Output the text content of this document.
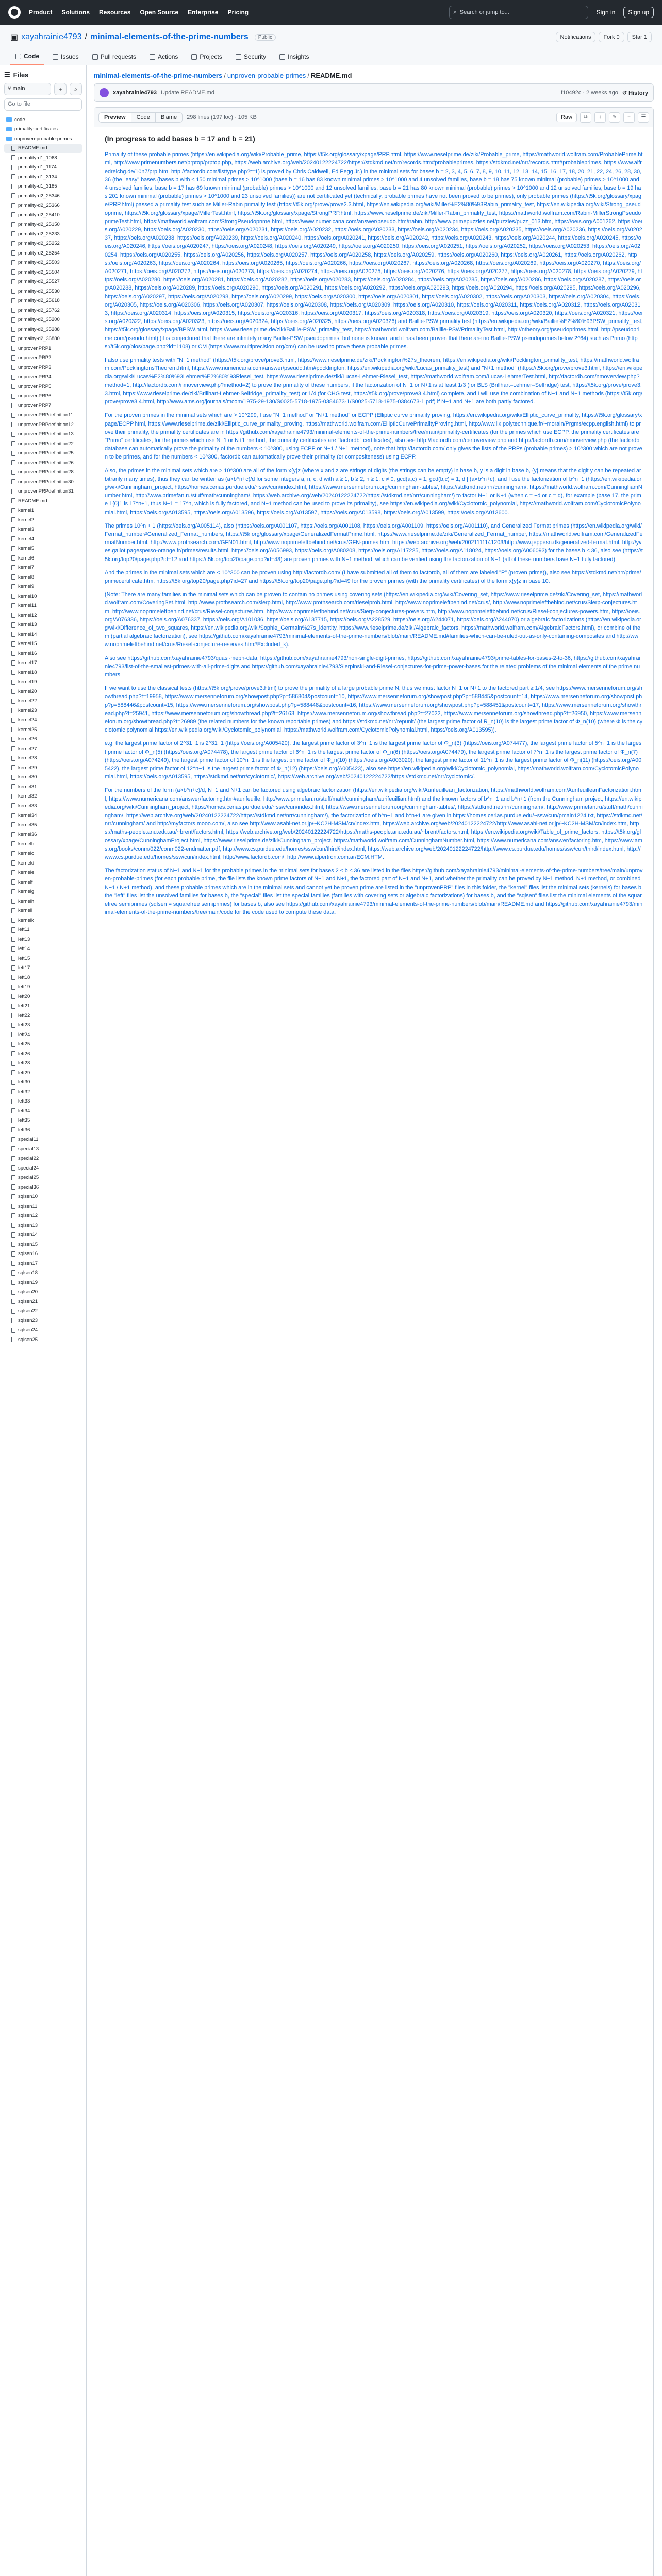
Product Solutions Resources Open Source Enterprise Pricing	⌕ Search or jump to...	Sign in	Sign up
▣ xayahrainie4793 / minimal-elements-of-the-prime-numbers	Public	Notifications	Fork 0	Star 1
Code	Issues	Pull requests	Actions	Projects	Security	Insights
☰ Files
⑂ main	+	⌕
Go to file
code
primality-certificates
unproven-probable-primes
README.md
primality-d1_1068
primality-d1_1174
primality-d1_3134
primality-d1_3185
primality-d2_25346
primality-d2_25366
primality-d2_25410
primality-d2_25150
primality-d2_25233
primality-d2_25252
primality-d2_25254
primality-d2_25503
primality-d2_25504
primality-d2_25527
primality-d2_25530
primality-d2_25618
primality-d2_25762
primality-d2_35200
primality-d2_35288
primality-d2_36880
unprovenPRP1
unprovenPRP2
unprovenPRP3
unprovenPRP4
unprovenPRP5
unprovenPRP6
unprovenPRP7
unprovenPRPdefinition11
unprovenPRPdefinition12
unprovenPRPdefinition13
unprovenPRPdefinition22
unprovenPRPdefinition25
unprovenPRPdefinition26
unprovenPRPdefinition28
unprovenPRPdefinition30
unprovenPRPdefinition31
README.md
kernel1
kernel2
kernel3
kernel4
kernel5
kernel6
kernel7
kernel8
kernel9
kernel10
kernel11
kernel12
kernel13
kernel14
kernel15
kernel16
kernel17
kernel18
kernel19
kernel20
kernel22
kernel23
kernel24
kernel25
kernel26
kernel27
kernel28
kernel29
kernel30
kernel31
kernel32
kernel33
kernel34
kernel35
kernel36
kernelb
kernelc
kerneld
kernele
kernelf
kernelg
kernelh
kerneli
kernelk
left11
left13
left14
left15
left17
left18
left19
left20
left21
left22
left23
left24
left25
left26
left28
left29
left30
left32
left33
left34
left35
left36
special11
special13
special22
special24
special25
special36
sqlsen10
sqlsen11
sqlsen12
sqlsen13
sqlsen14
sqlsen15
sqlsen16
sqlsen17
sqlsen18
sqlsen19
sqlsen20
sqlsen21
sqlsen22
sqlsen23
sqlsen24
sqlsen25
minimal-elements-of-the-prime-numbers / unproven-probable-primes / README.md
xayahrainie4793 Update README.md	f10492c · 2 weeks ago ↺ History
Preview	Code	Blame	298 lines (197 loc) · 105 KB	Raw	⧉	↓	✎	⋯	☰
(In progress to add bases b = 17 and b = 21)

Primality of these probable primes (https://en.wikipedia.org/wiki/Probable_prime, https://t5k.org/glossary/xpage/PRP.html, https://www.rieselprime.de/ziki/Probable_prime, https://mathworld.wolfram.com/ProbablePrime.html, http://www.primenumbers.net/prptop/prptop.php, https://web.archive.org/web/20240122224722/https://stdkmd.net/nrr/records.htm#probableprimes, https://stdkmd.net/nrr/records.htm#probableprimes, https://www.alfredreichg.de/10n7/prp.htm, http://factordb.com/listtype.php?t=1) is proved by Chris Caldwell, Ed Pegg Jr.) in the minimal sets for bases b = 2, 3, 4, 5, 6, 7, 8, 9, 10, 11, 12, 13, 14, 15, 16, 17, 18, 20, 21, 22, 24, 26, 28, 30, 36 (the "easy" bases (bases b with ≤ 150 minimal primes > 10^1000 (base b = 16 has 83 known minimal primes > 10^1000 and 4 unsolved families, base b = 18 has 75 known minimal (probable) primes > 10^1000 and 4 unsolved families, base b = 17 has 69 known minimal (probable) primes > 10^1000 and 12 unsolved families, base b = 21 has 80 known minimal (probable) primes > 10^1000 and 12 unsolved families, base b = 19 has 201 known minimal (probable) primes > 10^1000 and 23 unsolved families)) are not certificated yet (technically, probable primes have not been proved to be primes), only probable primes (https://t5k.org/glossary/xpage/PRP.html) passed a primality test such as Miller-Rabin primality test (https://t5k.org/prove/prove2.3.html, https://en.wikipedia.org/wiki/Miller%E2%80%93Rabin_primality_test, https://en.wikipedia.org/wiki/Strong_pseudoprime, https://t5k.org/glossary/xpage/MillerTest.html, https://t5k.org/glossary/xpage/StrongPRP.html, https://www.rieselprime.de/ziki/Miller-Rabin_primality_test, https://mathworld.wolfram.com/Rabin-MillerStrongPseudoprimeTest.html, https://mathworld.wolfram.com/StrongPseudoprime.html, https://www.numericana.com/answer/pseudo.htm#rabin, http://www.primepuzzles.net/puzzles/puzz_013.htm, https://oeis.org/A001262, https://oeis.org/A020229, https://oeis.org/A020230, https://oeis.org/A020231, https://oeis.org/A020232, https://oeis.org/A020233, https://oeis.org/A020234, https://oeis.org/A020235, https://oeis.org/A020236, https://oeis.org/A020237, https://oeis.org/A020238, https://oeis.org/A020239, https://oeis.org/A020240, https://oeis.org/A020241, https://oeis.org/A020242, https://oeis.org/A020243, https://oeis.org/A020244, https://oeis.org/A020245, https://oeis.org/A020246, https://oeis.org/A020247, https://oeis.org/A020248, https://oeis.org/A020249, https://oeis.org/A020250, https://oeis.org/A020251, https://oeis.org/A020252, https://oeis.org/A020253, https://oeis.org/A020254, https://oeis.org/A020255, https://oeis.org/A020256, https://oeis.org/A020257, https://oeis.org/A020258, https://oeis.org/A020259, https://oeis.org/A020260, https://oeis.org/A020261, https://oeis.org/A020262, https://oeis.org/A020263, https://oeis.org/A020264, https://oeis.org/A020265, https://oeis.org/A020266, https://oeis.org/A020267, https://oeis.org/A020268, https://oeis.org/A020269, https://oeis.org/A020270, https://oeis.org/A020271, https://oeis.org/A020272, https://oeis.org/A020273, https://oeis.org/A020274, https://oeis.org/A020275, https://oeis.org/A020276, https://oeis.org/A020277, https://oeis.org/A020278, https://oeis.org/A020279, https://oeis.org/A020280, https://oeis.org/A020281, https://oeis.org/A020282, https://oeis.org/A020283, https://oeis.org/A020284, https://oeis.org/A020285, https://oeis.org/A020286, https://oeis.org/A020287, https://oeis.org/A020288, https://oeis.org/A020289, https://oeis.org/A020290, https://oeis.org/A020291, https://oeis.org/A020292, https://oeis.org/A020293, https://oeis.org/A020294, https://oeis.org/A020295, https://oeis.org/A020296, https://oeis.org/A020297, https://oeis.org/A020298, https://oeis.org/A020299, https://oeis.org/A020300, https://oeis.org/A020301, https://oeis.org/A020302, https://oeis.org/A020303, https://oeis.org/A020304, https://oeis.org/A020305, https://oeis.org/A020306, https://oeis.org/A020307, https://oeis.org/A020308, https://oeis.org/A020309, https://oeis.org/A020310, https://oeis.org/A020311, https://oeis.org/A020312, https://oeis.org/A020313, https://oeis.org/A020314, https://oeis.org/A020315, https://oeis.org/A020316, https://oeis.org/A020317, https://oeis.org/A020318, https://oeis.org/A020319, https://oeis.org/A020320, https://oeis.org/A020321, https://oeis.org/A020322, https://oeis.org/A020323, https://oeis.org/A020324, https://oeis.org/A020325, https://oeis.org/A020326) and Baillie-PSW primality test (https://en.wikipedia.org/wiki/Baillie%E2%80%93PSW_primality_test, https://t5k.org/glossary/xpage/BPSW.html, https://www.rieselprime.de/ziki/Baillie-PSW_primality_test, https://mathworld.wolfram.com/Baillie-PSWPrimalityTest.html, http://ntheory.org/pseudoprimes.html, http://pseudoprime.com/pseudo.html) (it is conjectured that there are infinitely many Baillie-PSW pseudoprimes, but none is known, and it has been proven that there are no Baillie-PSW pseudoprimes below 2^64) such as Primo (https://t5k.org/bios/page.php?id=1108) or CM (https://www.multiprecision.org/cm/) can be used to prove these probable primes.

I also use primality tests with "N−1 method" (https://t5k.org/prove/prove3.html, https://www.rieselprime.de/ziki/Pocklington%27s_theorem, https://en.wikipedia.org/wiki/Pocklington_primality_test, https://mathworld.wolfram.com/PocklingtonsTheorem.html, https://www.numericana.com/answer/pseudo.htm#pocklington, https://en.wikipedia.org/wiki/Lucas_primality_test) and "N+1 method" (https://t5k.org/prove/prove3.html, https://en.wikipedia.org/wiki/Lucas%E2%80%93Lehmer%E2%80%93Riesel_test, https://www.rieselprime.de/ziki/Lucas-Lehmer-Riesel_test, https://mathworld.wolfram.com/Lucas-LehmerTest.html, http://factordb.com/nmoverview.php?method=1, http://factordb.com/nmoverview.php?method=2) to prove the primality of these numbers, if the factorization of N−1 or N+1 is at least 1/3 (for BLS (Brillhart–Lehmer–Selfridge) test, https://t5k.org/prove/prove3.3.html, https://www.rieselprime.de/ziki/Brillhart-Lehmer-Selfridge_primality_test) or 1/4 (for CHG test, https://t5k.org/prove/prove3.4.html) complete, and I will use the combination of N−1 and N+1 methods (https://t5k.org/prove/prove3.4.html, http://www.ams.org/journals/mcom/1975-29-130/S0025-5718-1975-0384673-1/S0025-5718-1975-0384673-1.pdf) if N−1 and N+1 are both partly factored.

For the proven primes in the minimal sets which are > 10^299, I use "N−1 method" or "N+1 method" or ECPP (Elliptic curve primality proving, https://en.wikipedia.org/wiki/Elliptic_curve_primality, https://t5k.org/glossary/xpage/ECPP.html, https://www.rieselprime.de/ziki/Elliptic_curve_primality_proving, https://mathworld.wolfram.com/EllipticCurvePrimalityProving.html, http://www.lix.polytechnique.fr/~morain/Prgms/ecpp.english.html) to prove their primality, the primality certificates are in https://github.com/xayahrainie4793/minimal-elements-of-the-prime-numbers/tree/main/primality-certificates (for the primes which use ECPP, the primality certificates are "Primo" certificates, for the primes which use N−1 or N+1 method, the primality certificates are "factordb" certificates), also see http://factordb.com/certoverview.php and http://factordb.com/nmoverview.php (the factordb database can automatically prove the primality of the numbers < 10^300, using ECPP or N−1 / N+1 method), note that http://factordb.com/ only gives the lists of the PRPs (probable primes) > 10^300 which are not proven to be primes, and for the numbers < 10^300, factordb can automatically prove their primality (or compositeness) using ECPP.

Also, the primes in the minimal sets which are > 10^300 are all of the form x{y}z (where x and z are strings of digits (the strings can be empty) in base b, y is a digit in base b, {y} means that the digit y can be repeated arbitrarily many times), thus they can be written as (a×b^n+c)/d for some integers a, n, c, d with a ≥ 1, b ≥ 2, n ≥ 1, c ≠ 0, gcd(a,c) = 1, gcd(b,c) = 1, d | (a×b^n+c), and I use the factorization of b^n−1 (https://en.wikipedia.org/wiki/Cunningham_project, https://homes.cerias.purdue.edu/~ssw/cun/index.html, https://www.mersenneforum.org/cunningham-tables/, https://stdkmd.net/nrr/cunningham/, https://mathworld.wolfram.com/CunninghamNumber.html, http://www.primefan.ru/stuff/math/cunningham/, https://web.archive.org/web/20240122224722/https://stdkmd.net/nrr/cunningham/) to factor N−1 or N+1 (when c = −d or c = d), for example (base 17, the prime 1{0}1 is 17^n+1, thus N−1 = 17^n, which is fully factored, and N−1 method can be used to prove its primality), see https://en.wikipedia.org/wiki/Cyclotomic_polynomial, https://mathworld.wolfram.com/CyclotomicPolynomial.html, https://oeis.org/A013595, https://oeis.org/A013596, https://oeis.org/A013597, https://oeis.org/A013598, https://oeis.org/A013599, https://oeis.org/A013600.

The primes 10^n + 1 (https://oeis.org/A005114), also (https://oeis.org/A001107, https://oeis.org/A001108, https://oeis.org/A001109, https://oeis.org/A001110), and Generalized Fermat primes (https://en.wikipedia.org/wiki/Fermat_number#Generalized_Fermat_numbers, https://t5k.org/glossary/xpage/GeneralizedFermatPrime.html, https://www.rieselprime.de/ziki/Generalized_Fermat_number, https://mathworld.wolfram.com/GeneralizedFermatNumber.html, http://www.prothsearch.com/GFN01.html, http://www.noprimeleftbehind.net/crus/GFN-primes.htm, https://web.archive.org/web/20021111141203/http://www.jeppesn.dk/generalized-fermat.html, http://yves.gallot.pagesperso-orange.fr/primes/results.html, https://oeis.org/A056993, https://oeis.org/A080208, https://oeis.org/A117225, https://oeis.org/A118024, https://oeis.org/A006093) for the bases b ≤ 36, also see (https://t5k.org/top20/page.php?id=12 and https://t5k.org/top20/page.php?id=48) are proven primes with N−1 method, which can be verified using the factorization of N−1 (all of these numbers have N−1 fully factored).

And the primes in the minimal sets which are < 10^300 can be proven using http://factordb.com/ (I have submitted all of them to factordb, all of them are labeled "P" (proven prime)), also see https://stdkmd.net/nrr/prime/primecertificate.htm, https://t5k.org/top20/page.php?id=27 and https://t5k.org/top20/page.php?id=49 for the proven primes (with the primality certificates) of the form x{y}z in base 10.

(Note: There are many families in the minimal sets which can be proven to contain no primes using covering sets (https://en.wikipedia.org/wiki/Covering_set, https://www.rieselprime.de/ziki/Covering_set, https://mathworld.wolfram.com/CoveringSet.html, http://www.prothsearch.com/sierp.html, http://www.prothsearch.com/rieselprob.html, http://www.noprimeleftbehind.net/crus/, http://www.noprimeleftbehind.net/crus/Sierp-conjectures.htm, http://www.noprimeleftbehind.net/crus/Riesel-conjectures.htm, http://www.noprimeleftbehind.net/crus/Sierp-conjectures-powers.htm, http://www.noprimeleftbehind.net/crus/Riesel-conjectures-powers.htm, https://oeis.org/A076336, https://oeis.org/A076337, https://oeis.org/A101036, https://oeis.org/A137715, https://oeis.org/A228529, https://oeis.org/A244071, https://oeis.org/A244070) or algebraic factorizations (https://en.wikipedia.org/wiki/Difference_of_two_squares, https://en.wikipedia.org/wiki/Sophie_Germain%27s_identity, https://www.rieselprime.de/ziki/Algebraic_factors, https://mathworld.wolfram.com/AlgebraicFactors.html), or combine of them (partial algebraic factorization), see https://github.com/xayahrainie4793/minimal-elements-of-the-prime-numbers/blob/main/README.md#families-which-can-be-ruled-out-as-only-containing-composites and http://www.noprimeleftbehind.net/crus/Riesel-conjecture-reserves.htm#Excluded_k).

Also see https://github.com/xayahrainie4793/quasi-mepn-data, https://github.com/xayahrainie4793/non-single-digit-primes, https://github.com/xayahrainie4793/prime-tables-for-bases-2-to-36, https://github.com/xayahrainie4793/list-of-the-smallest-primes-with-all-prime-digits and https://github.com/xayahrainie4793/Sierpinski-and-Riesel-conjectures-for-prime-power-bases for the related problems of the minimal elements of the prime numbers.

If we want to use the classical tests (https://t5k.org/prove/prove3.html) to prove the primality of a large probable prime N, thus we must factor N−1 or N+1 to the factored part ≥ 1/4, see https://www.mersenneforum.org/showthread.php?t=19958, https://www.mersenneforum.org/showpost.php?p=586804&postcount=10, https://www.mersenneforum.org/showpost.php?p=588445&postcount=14, https://www.mersenneforum.org/showpost.php?p=588446&postcount=15, https://www.mersenneforum.org/showpost.php?p=588448&postcount=16, https://www.mersenneforum.org/showpost.php?p=588451&postcount=17, https://www.mersenneforum.org/showthread.php?t=25941, https://www.mersenneforum.org/showthread.php?t=26163, https://www.mersenneforum.org/showthread.php?t=27022, https://www.mersenneforum.org/showthread.php?t=26950, https://www.mersenneforum.org/showthread.php?t=26989 (the related numbers for the known reportable primes) and https://stdkmd.net/nrr/repunit/ (the largest prime factor of R_n(10) is the largest prime factor of Φ_n(10) (where Φ is the cyclotomic polynomial https://en.wikipedia.org/wiki/Cyclotomic_polynomial, https://mathworld.wolfram.com/CyclotomicPolynomial.html, https://oeis.org/A013595)).

e.g. the largest prime factor of 2^31−1 is 2^31−1 (https://oeis.org/A005420), the largest prime factor of 3^n−1 is the largest prime factor of Φ_n(3) (https://oeis.org/A074477), the largest prime factor of 5^n−1 is the largest prime factor of Φ_n(5) (https://oeis.org/A074478), the largest prime factor of 6^n−1 is the largest prime factor of Φ_n(6) (https://oeis.org/A074479), the largest prime factor of 7^n−1 is the largest prime factor of Φ_n(7) (https://oeis.org/A074249), the largest prime factor of 10^n−1 is the largest prime factor of Φ_n(10) (https://oeis.org/A003020), the largest prime factor of 11^n−1 is the largest prime factor of Φ_n(11) (https://oeis.org/A005422), the largest prime factor of 12^n−1 is the largest prime factor of Φ_n(12) (https://oeis.org/A005423), also see https://en.wikipedia.org/wiki/Cyclotomic_polynomial, https://mathworld.wolfram.com/CyclotomicPolynomial.html, https://oeis.org/A013595, https://stdkmd.net/nrr/cyclotomic/, https://web.archive.org/web/20240122224722/https://stdkmd.net/nrr/cyclotomic/.

For the numbers of the form (a×b^n+c)/d, N−1 and N+1 can be factored using algebraic factorization (https://en.wikipedia.org/wiki/Aurifeuillean_factorization, https://mathworld.wolfram.com/AurifeuilleanFactorization.html, https://www.numericana.com/answer/factoring.htm#aurifeuille, http://www.primefan.ru/stuff/math/cunningham/aurifeuillian.html) and the known factors of b^n−1 and b^n+1 (from the Cunningham project, https://en.wikipedia.org/wiki/Cunningham_project, https://homes.cerias.purdue.edu/~ssw/cun/index.html, https://www.mersenneforum.org/cunningham-tables/, https://stdkmd.net/nrr/cunningham/, http://www.primefan.ru/stuff/math/cunningham/, https://web.archive.org/web/20240122224722/https://stdkmd.net/nrr/cunningham/), the factorization of b^n−1 and b^n+1 are given in https://homes.cerias.purdue.edu/~ssw/cun/pmain1224.txt, https://stdkmd.net/nrr/cunningham/ and http://myfactors.mooo.com/, also see http://www.asahi-net.or.jp/~KC2H-MSM/cn/index.htm, https://web.archive.org/web/20240122224722/http://www.asahi-net.or.jp/~KC2H-MSM/cn/index.htm, https://maths-people.anu.edu.au/~brent/factors.html, https://web.archive.org/web/20240122224722/https://maths-people.anu.edu.au/~brent/factors.html, https://en.wikipedia.org/wiki/Table_of_prime_factors, https://t5k.org/glossary/xpage/CunninghamProject.html, https://www.rieselprime.de/ziki/Cunningham_project, https://mathworld.wolfram.com/CunninghamNumber.html, https://www.numericana.com/answer/factoring.htm, https://www.ams.org/books/conm/022/conm022-endmatter.pdf, http://www.cs.purdue.edu/homes/ssw/cun/third/index.html, https://web.archive.org/web/20240122224722/http://www.cs.purdue.edu/homes/ssw/cun/third/index.html, http://www.cs.purdue.edu/homes/ssw/cun/index.html, http://www.factordb.com/, http://www.alpertron.com.ar/ECM.HTM.

The factorization status of N−1 and N+1 for the probable primes in the minimal sets for bases 2 ≤ b ≤ 36 are listed in the files https://github.com/xayahrainie4793/minimal-elements-of-the-prime-numbers/tree/main/unproven-probable-primes (for each probable prime, the file lists the known prime factors of N−1 and N+1, the factored part of N−1 and N+1, and whether the primality can be proved by N−1 method, N+1 method, or combined N−1 / N+1 method), and these probable primes which are in the minimal sets and cannot yet be proven prime are listed in the "unprovenPRP" files in this folder, the "kernel" files list the minimal sets (kernels) for bases b, the "left" files list the unsolved families for bases b, the "special" files list the special families (families with covering sets or algebraic factorizations) for bases b, and the "sqlsen" files list the minimal elements of the squarefree semiprimes (sqlsen = squarefree semiprimes) for bases b, also see https://github.com/xayahrainie4793/minimal-elements-of-the-prime-numbers/blob/main/README.md and https://github.com/xayahrainie4793/minimal-elements-of-the-prime-numbers/tree/main/code for the code used to compute these data.
